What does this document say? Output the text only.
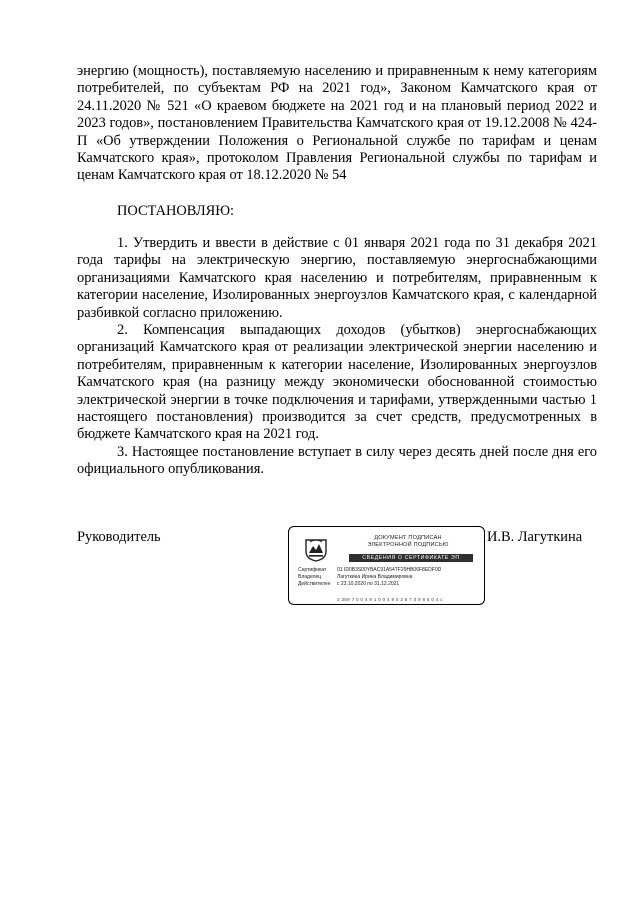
энергию (мощность), поставляемую населению и приравненным к нему категориям потребителей, по субъектам РФ на 2021 год», Законом Камчатского края от 24.11.2020 № 521 «О краевом бюджете на 2021 год и на плановый период 2022 и 2023 годов», постановлением Правительства Камчатского края от 19.12.2008 № 424-П «Об утверждении Положения о Региональной службе по тарифам и ценам Камчатского края», протоколом Правления Региональной службы по тарифам и ценам Камчатского края от 18.12.2020 № 54

ПОСТАНОВЛЯЮ:

1. Утвердить и ввести в действие с 01 января 2021 года по 31 декабря 2021 года тарифы на электрическую энергию, поставляемую энергоснабжающими организациями Камчатского края населению и потребителям, приравненным к категории население, Изолированных энергоузлов Камчатского края, с календарной разбивкой согласно приложению.

2. Компенсация выпадающих доходов (убытков) энергоснабжающих организаций Камчатского края от реализации электрической энергии населению и потребителям, приравненным к категории население, Изолированных энергоузлов Камчатского края (на разницу между экономически обоснованной стоимостью электрической энергии в точке подключения и тарифами, утвержденными частью 1 настоящего постановления) производится за счет средств, предусмотренных в бюджете Камчатского края на 2021 год.

3. Настоящее постановление вступает в силу через десять дней после дня его официального опубликования.

Руководитель	И.В. Лагуткина

ДОКУМЕНТ ПОДПИСАН
ЭЛЕКТРОННОЙ ПОДПИСЬЮ
СВЕДЕНИЯ О СЕРТИФИКАТЕ ЭП
Сертификат	01 ID0B3S00YBAC91A54TF29HB06F8EDF0D
Владелец	Лагуткина Ирина Владимировна
Действителен	с 23.10.2020 по 31.12.2021
2 359 7 0 0 4 9 1 0 0 4 8 0 2 5 7 0 9 8 5 0 4 с
